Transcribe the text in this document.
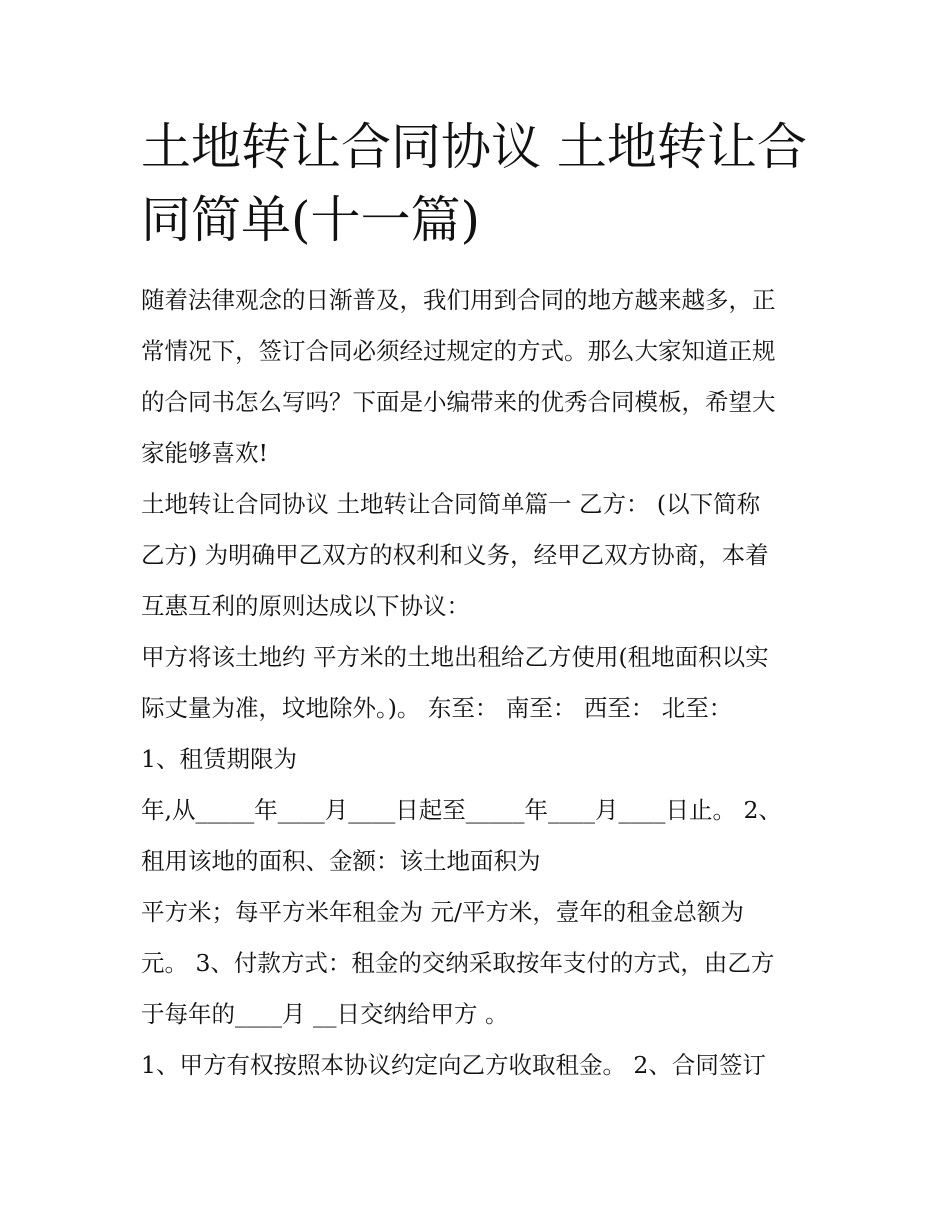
土地转让合同协议 土地转让合
同简单(十一篇)
随着法律观念的日渐普及，我们用到合同的地方越来越多，正
常情况下，签订合同必须经过规定的方式。那么大家知道正规
的合同书怎么写吗？下面是小编带来的优秀合同模板，希望大
家能够喜欢!
土地转让合同协议 土地转让合同简单篇一 乙方： (以下简称
乙方) 为明确甲乙双方的权利和义务，经甲乙双方协商，本着
互惠互利的原则达成以下协议：
甲方将该土地约 平方米的土地出租给乙方使用(租地面积以实
际丈量为准，坟地除外。)。 东至： 南至： 西至： 北至：
1、租赁期限为
年,从_____年____月____日起至_____年____月____日止。 2、
租用该地的面积、金额：该土地面积为
平方米；每平方米年租金为 元/平方米，壹年的租金总额为
元。 3、付款方式：租金的交纳采取按年支付的方式，由乙方
于每年的____月 __日交纳给甲方 。
1、甲方有权按照本协议约定向乙方收取租金。 2、合同签订
